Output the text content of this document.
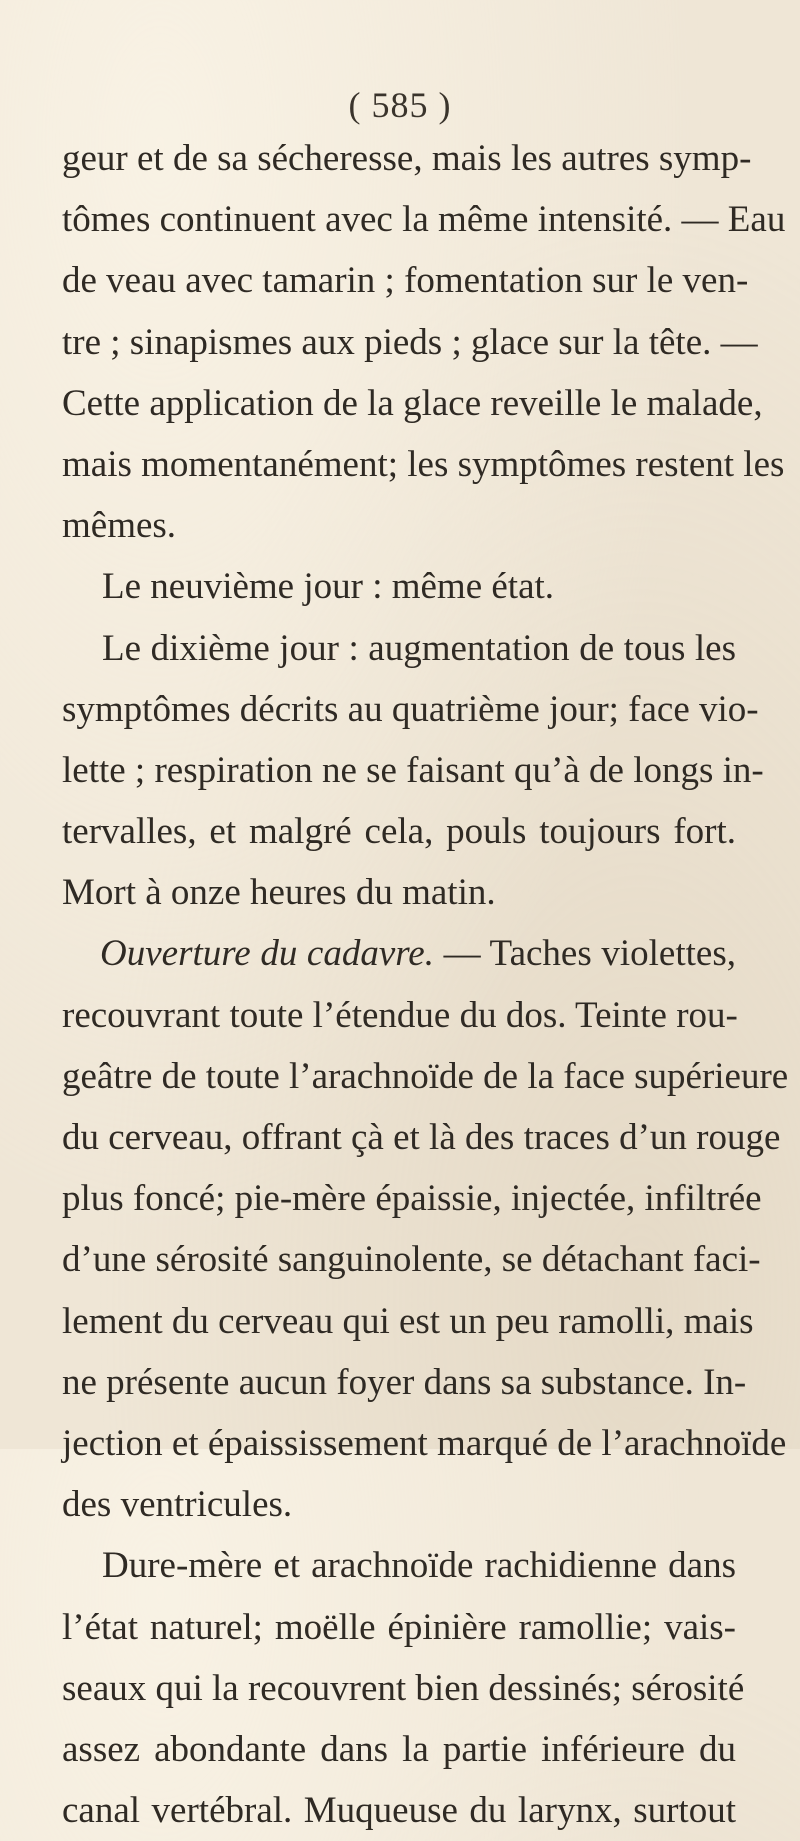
( 585 )
geur et de sa sécheresse, mais les autres symp-
tômes continuent avec la même intensité. — Eau
de veau avec tamarin ; fomentation sur le ven-
tre ; sinapismes aux pieds ; glace sur la tête. —
Cette application de la glace reveille le malade,
mais momentanément; les symptômes restent les
mêmes.
Le neuvième jour : même état.
Le dixième jour : augmentation de tous les
symptômes décrits au quatrième jour; face vio-
lette ; respiration ne se faisant qu’à de longs in-
tervalles, et malgré cela, pouls toujours fort.
Mort à onze heures du matin.
Ouverture du cadavre. — Taches violettes,
recouvrant toute l’étendue du dos. Teinte rou-
geâtre de toute l’arachnoïde de la face supérieure
du cerveau, offrant çà et là des traces d’un rouge
plus foncé; pie-mère épaissie, injectée, infiltrée
d’une sérosité sanguinolente, se détachant faci-
lement du cerveau qui est un peu ramolli, mais
ne présente aucun foyer dans sa substance. In-
jection et épaississement marqué de l’arachnoïde
des ventricules.
Dure-mère et arachnoïde rachidienne dans
l’état naturel; moëlle épinière ramollie; vais-
seaux qui la recouvrent bien dessinés; sérosité
assez abondante dans la partie inférieure du
canal vertébral. Muqueuse du larynx, surtout
